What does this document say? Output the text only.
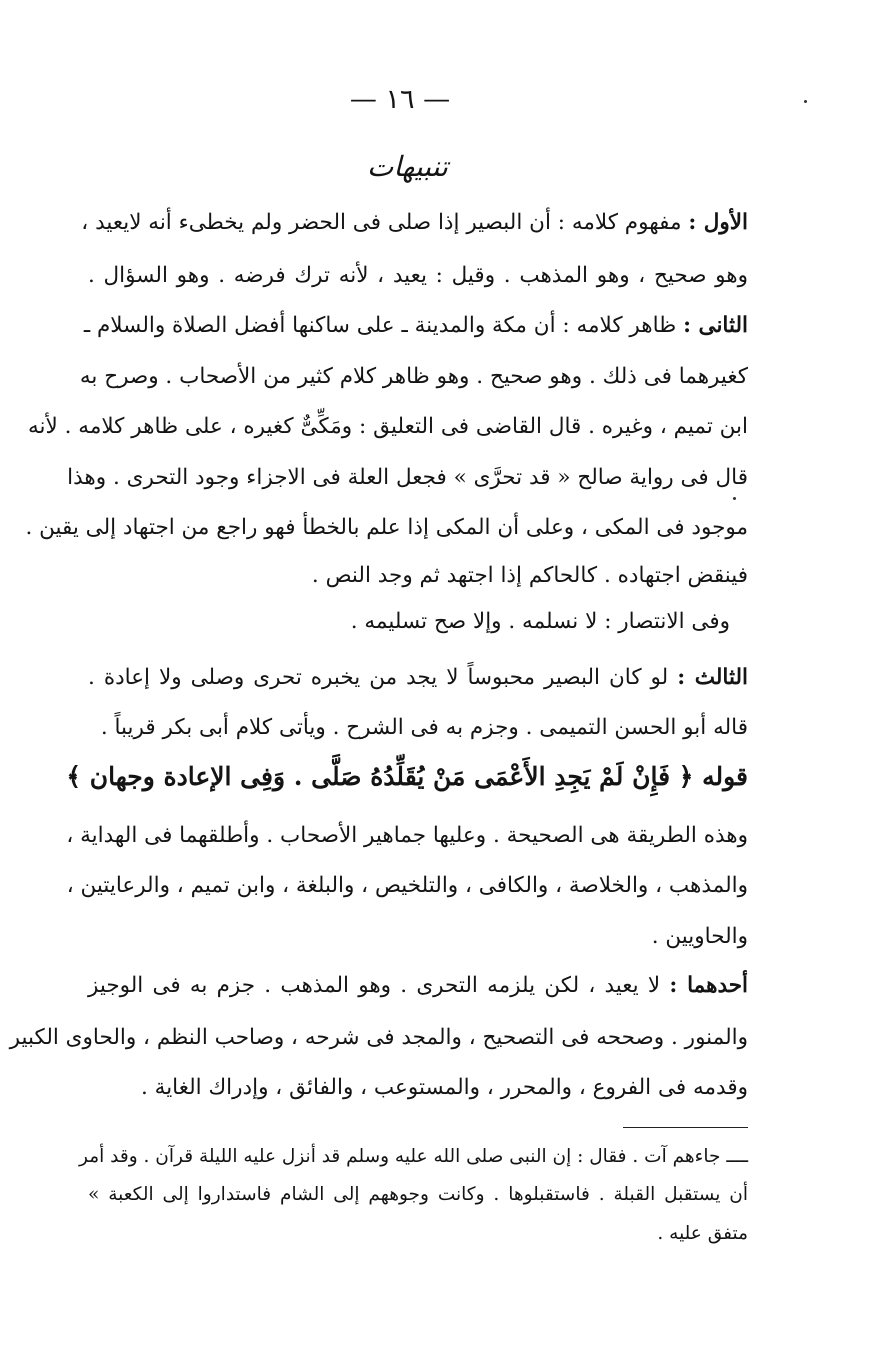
— ١٦ —
تنبيهات
الأول : مفهوم كلامه : أن البصير إذا صلى فى الحضر ولم يخطىء أنه لايعيد ،
وهو صحيح ، وهو المذهب . وقيل : يعيد ، لأنه ترك فرضه . وهو السؤال .
الثانى : ظاهر كلامه : أن مكة والمدينة ـ على ساكنها أفضل الصلاة والسلام ـ
كغيرهما فى ذلك . وهو صحيح . وهو ظاهر كلام كثير من الأصحاب . وصرح به
ابن تميم ، وغيره . قال القاضى فى التعليق : ومَكِّىٌّ كغيره ، على ظاهر كلامه . لأنه
قال فى رواية صالح « قد تحرَّى » فجعل العلة فى الاجزاء وجود التحرى . وهذا
موجود فى المكى ، وعلى أن المكى إذا علم بالخطأ فهو راجع من اجتهاد إلى يقين .
فينقض اجتهاده . كالحاكم إذا اجتهد ثم وجد النص .
وفى الانتصار : لا نسلمه . وإلا صح تسليمه .
الثالث : لو كان البصير محبوساً لا يجد من يخبره تحرى وصلى ولا إعادة .
قاله أبو الحسن التميمى . وجزم به فى الشرح . ويأتى كلام أبى بكر قريباً .
قوله ﴿ فَإِنْ لَمْ يَجِدِ الأَعْمَى مَنْ يُقَلِّدُهُ صَلَّى . وَفِى الإعادة وجهان ﴾
وهذه الطريقة هى الصحيحة . وعليها جماهير الأصحاب . وأطلقهما فى الهداية ،
والمذهب ، والخلاصة ، والكافى ، والتلخيص ، والبلغة ، وابن تميم ، والرعايتين ،
والحاويين .
أحدهما : لا يعيد ، لكن يلزمه التحرى . وهو المذهب . جزم به فى الوجيز
والمنور . وصححه فى التصحيح ، والمجد فى شرحه ، وصاحب النظم ، والحاوى الكبير
وقدمه فى الفروع ، والمحرر ، والمستوعب ، والفائق ، وإدراك الغاية .
ــــ جاءهم آت . فقال : إن النبى صلى الله عليه وسلم قد أنزل عليه الليلة قرآن . وقد أمر
أن يستقبل القبلة . فاستقبلوها . وكانت وجوههم إلى الشام فاستداروا إلى الكعبة »
متفق عليه .
